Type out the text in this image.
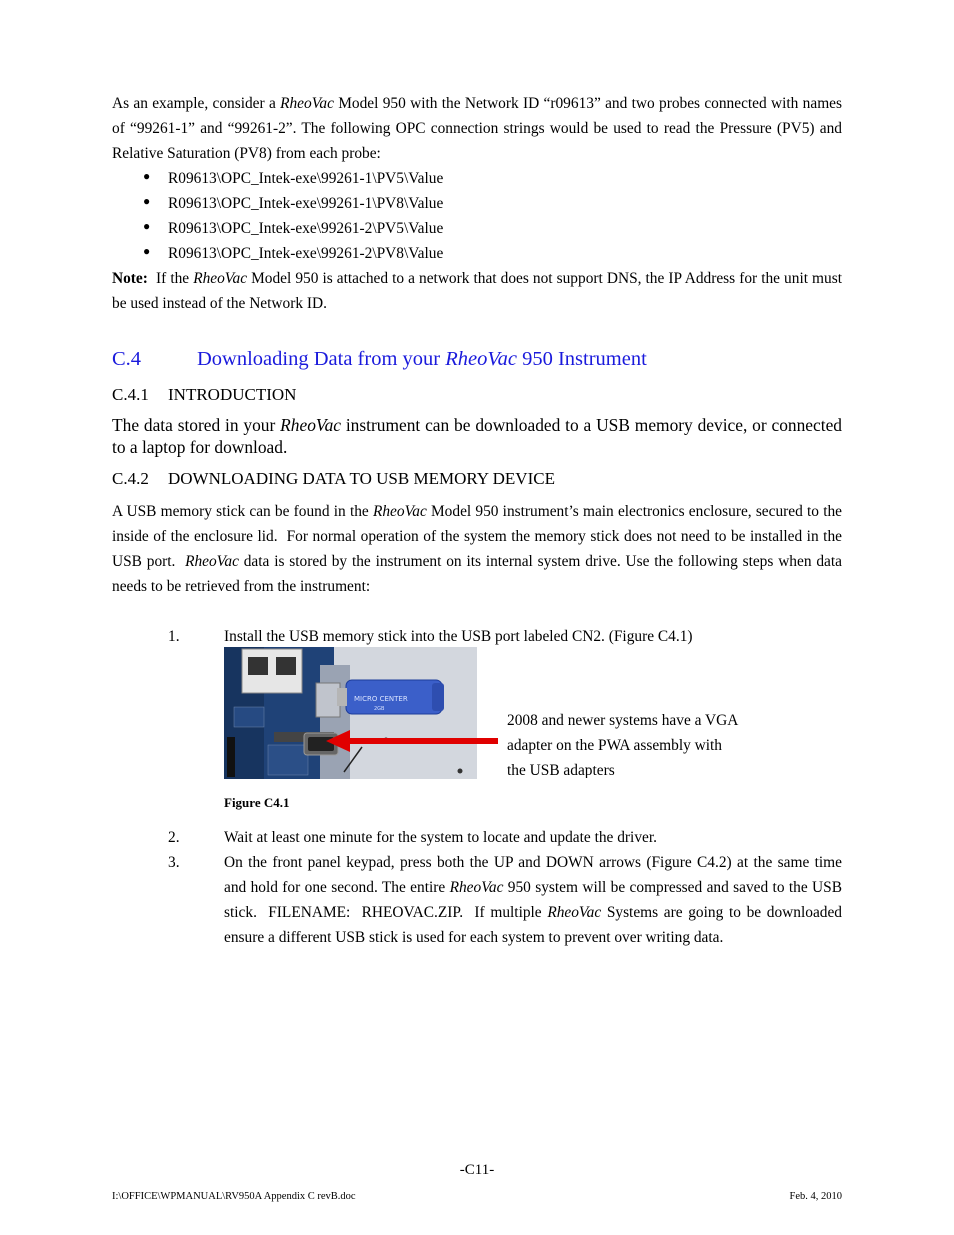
As an example, consider a RheoVac Model 950 with the Network ID “r09613” and two probes connected with names of “99261-1” and “99261-2”. The following OPC connection strings would be used to read the Pressure (PV5) and Relative Saturation (PV8) from each probe:
● R09613\OPC_Intek-exe\99261-1\PV5\Value
● R09613\OPC_Intek-exe\99261-1\PV8\Value
● R09613\OPC_Intek-exe\99261-2\PV5\Value
● R09613\OPC_Intek-exe\99261-2\PV8\Value
Note:  If the RheoVac Model 950 is attached to a network that does not support DNS, the IP Address for the unit must be used instead of the Network ID.
C.4	Downloading Data from your RheoVac 950 Instrument
C.4.1 INTRODUCTION
The data stored in your RheoVac instrument can be downloaded to a USB memory device, or connected to a laptop for download.
C.4.2 DOWNLOADING DATA TO USB MEMORY DEVICE
A USB memory stick can be found in the RheoVac Model 950 instrument’s main electronics enclosure, secured to the inside of the enclosure lid.  For normal operation of the system the memory stick does not need to be installed in the USB port.  RheoVac data is stored by the instrument on its internal system drive. Use the following steps when data needs to be retrieved from the instrument:
1.	Install the USB memory stick into the USB port labeled CN2. (Figure C4.1)
MICRO CENTER
2GB
2008 and newer systems have a VGA
adapter on the PWA assembly with
the USB adapters
Figure C4.1
2.	Wait at least one minute for the system to locate and update the driver.
3.	On the front panel keypad, press both the UP and DOWN arrows (Figure C4.2) at the same time and hold for one second. The entire RheoVac 950 system will be compressed and saved to the USB stick.  FILENAME:  RHEOVAC.ZIP.  If multiple RheoVac Systems are going to be downloaded ensure a different USB stick is used for each system to prevent over writing data.
-C11-
I:\OFFICE\WPMANUAL\RV950A Appendix C revB.doc	Feb. 4, 2010
